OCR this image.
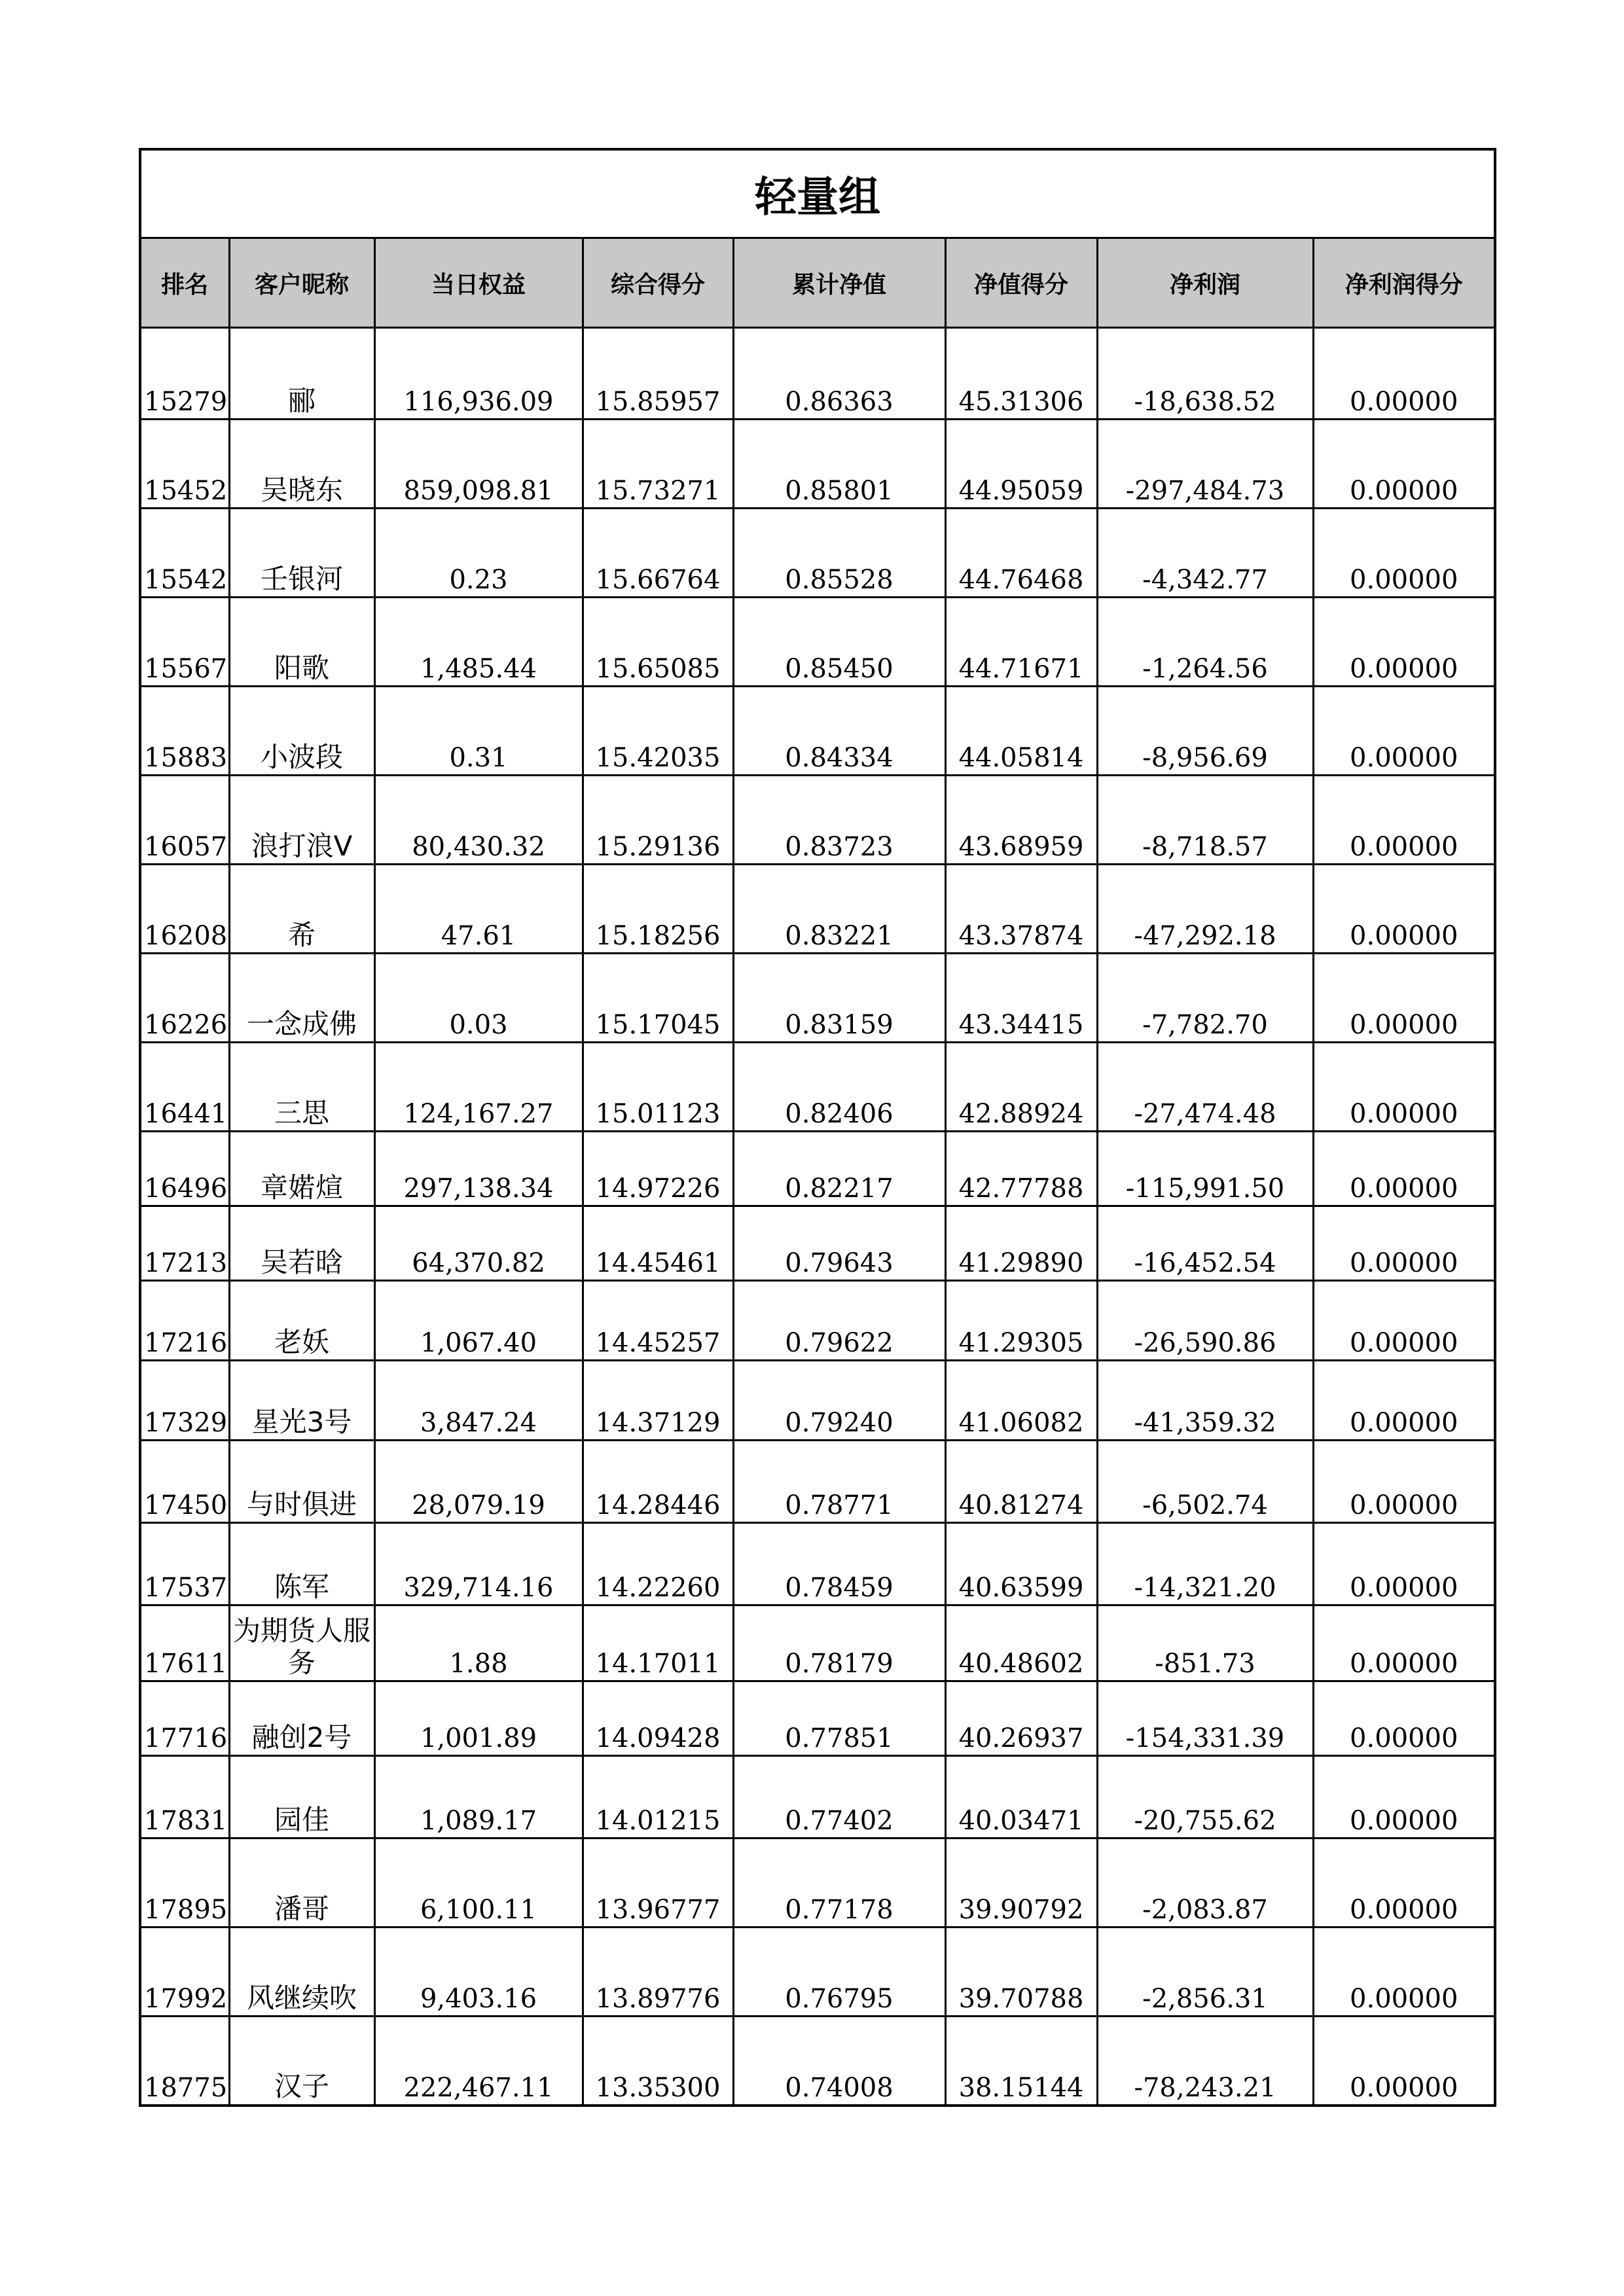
轻量组							
排名	客户昵称	当日权益	综合得分	累计净值	净值得分	净利润	净利润得分
15279	郦	116,936.09	15.85957	0.86363	45.31306	-18,638.52	0.00000
15452	吴晓东	859,098.81	15.73271	0.85801	44.95059	-297,484.73	0.00000
15542	壬银河	0.23	15.66764	0.85528	44.76468	-4,342.77	0.00000
15567	阳歌	1,485.44	15.65085	0.85450	44.71671	-1,264.56	0.00000
15883	小波段	0.31	15.42035	0.84334	44.05814	-8,956.69	0.00000
16057	浪打浪V	80,430.32	15.29136	0.83723	43.68959	-8,718.57	0.00000
16208	希	47.61	15.18256	0.83221	43.37874	-47,292.18	0.00000
16226	一念成佛	0.03	15.17045	0.83159	43.34415	-7,782.70	0.00000
16441	三思	124,167.27	15.01123	0.82406	42.88924	-27,474.48	0.00000
16496	章婼煊	297,138.34	14.97226	0.82217	42.77788	-115,991.50	0.00000
17213	吴若晗	64,370.82	14.45461	0.79643	41.29890	-16,452.54	0.00000
17216	老妖	1,067.40	14.45257	0.79622	41.29305	-26,590.86	0.00000
17329	星光3号	3,847.24	14.37129	0.79240	41.06082	-41,359.32	0.00000
17450	与时俱进	28,079.19	14.28446	0.78771	40.81274	-6,502.74	0.00000
17537	陈军	329,714.16	14.22260	0.78459	40.63599	-14,321.20	0.00000
17611	为期货人服务	1.88	14.17011	0.78179	40.48602	-851.73	0.00000
17716	融创2号	1,001.89	14.09428	0.77851	40.26937	-154,331.39	0.00000
17831	园佳	1,089.17	14.01215	0.77402	40.03471	-20,755.62	0.00000
17895	潘哥	6,100.11	13.96777	0.77178	39.90792	-2,083.87	0.00000
17992	风继续吹	9,403.16	13.89776	0.76795	39.70788	-2,856.31	0.00000
18775	汉子	222,467.11	13.35300	0.74008	38.15144	-78,243.21	0.00000
